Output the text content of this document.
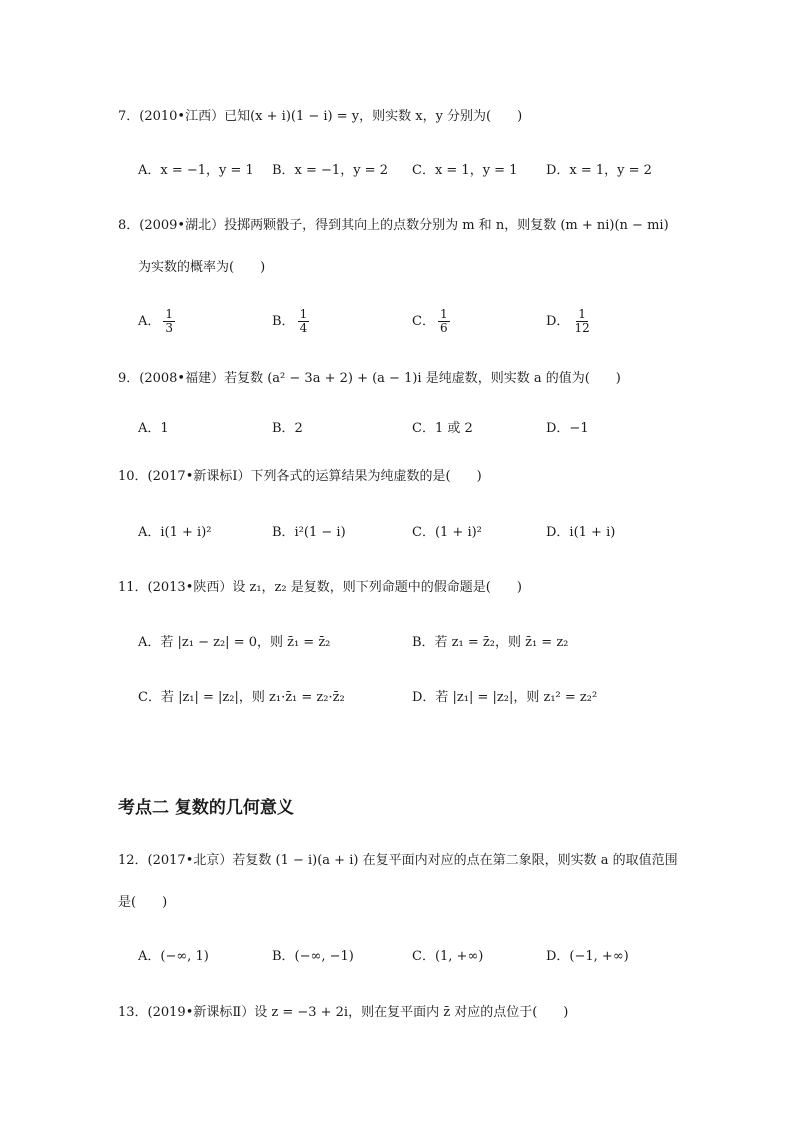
7．(2010•江西）已知(x + i)(1 − i) = y，则实数 x，y 分别为(　　)
A．x = −1，y = 1 B．x = −1，y = 2 C．x = 1，y = 1 D．x = 1，y = 2
8．(2009•湖北）投掷两颗骰子，得到其向上的点数分别为 m 和 n，则复数 (m + ni)(n − mi)
为实数的概率为(　　)
A． $\frac{1}{3}$	B． $\frac{1}{4}$	C． $\frac{1}{6}$	D． $\frac{1}{12}$
9．(2008•福建）若复数 (a² − 3a + 2) + (a − 1)i 是纯虚数，则实数 a 的值为(　　)
A．1	B．2	C．1 或 2	D．−1
10．(2017•新课标Ⅰ）下列各式的运算结果为纯虚数的是(　　)
A．i(1 + i)²	B．i²(1 − i)	C．(1 + i)²	D．i(1 + i)
11．(2013•陕西）设 z₁，z₂ 是复数，则下列命题中的假命题是(　　)
A．若 |z₁ − z₂| = 0，则 z̄₁ = z̄₂	B．若 z₁ = z̄₂，则 z̄₁ = z₂
C．若 |z₁| = |z₂|，则 z₁·z̄₁ = z₂·z̄₂	D．若 |z₁| = |z₂|，则 z₁² = z₂²
考点二 复数的几何意义
12．(2017•北京）若复数 (1 − i)(a + i) 在复平面内对应的点在第二象限，则实数 a 的取值范围
是(　　)
A．(−∞, 1)	B．(−∞, −1)	C．(1, +∞)	D．(−1, +∞)
13．(2019•新课标Ⅱ）设 z = −3 + 2i，则在复平面内 z̄ 对应的点位于(　　)
